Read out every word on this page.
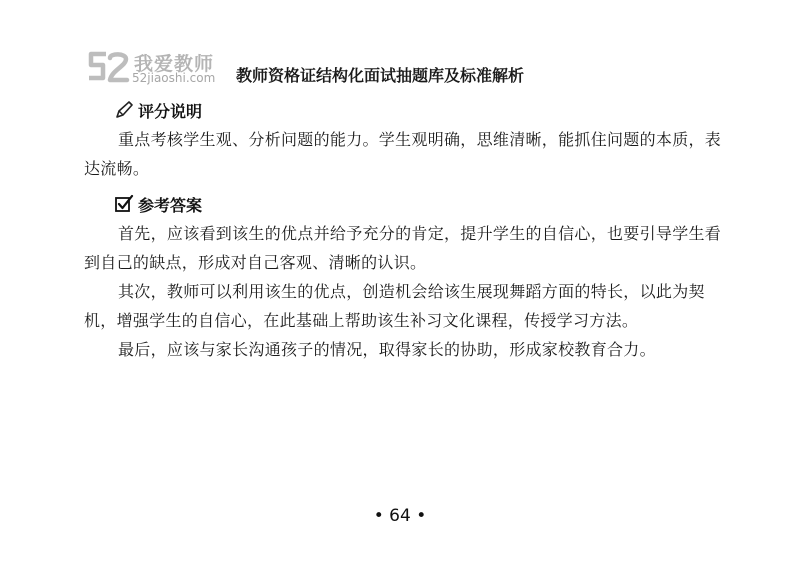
我爱教师
52jiaoshi.com 教师资格证结构化面试抽题库及标准解析
评分说明

重点考核学生观、分析问题的能力。学生观明确，思维清晰，能抓住问题的本质，表达流畅。

参考答案

首先，应该看到该生的优点并给予充分的肯定，提升学生的自信心，也要引导学生看到自己的缺点，形成对自己客观、清晰的认识。

其次，教师可以利用该生的优点，创造机会给该生展现舞蹈方面的特长，以此为契机，增强学生的自信心，在此基础上帮助该生补习文化课程，传授学习方法。

最后，应该与家长沟通孩子的情况，取得家长的协助，形成家校教育合力。

• 64 •
